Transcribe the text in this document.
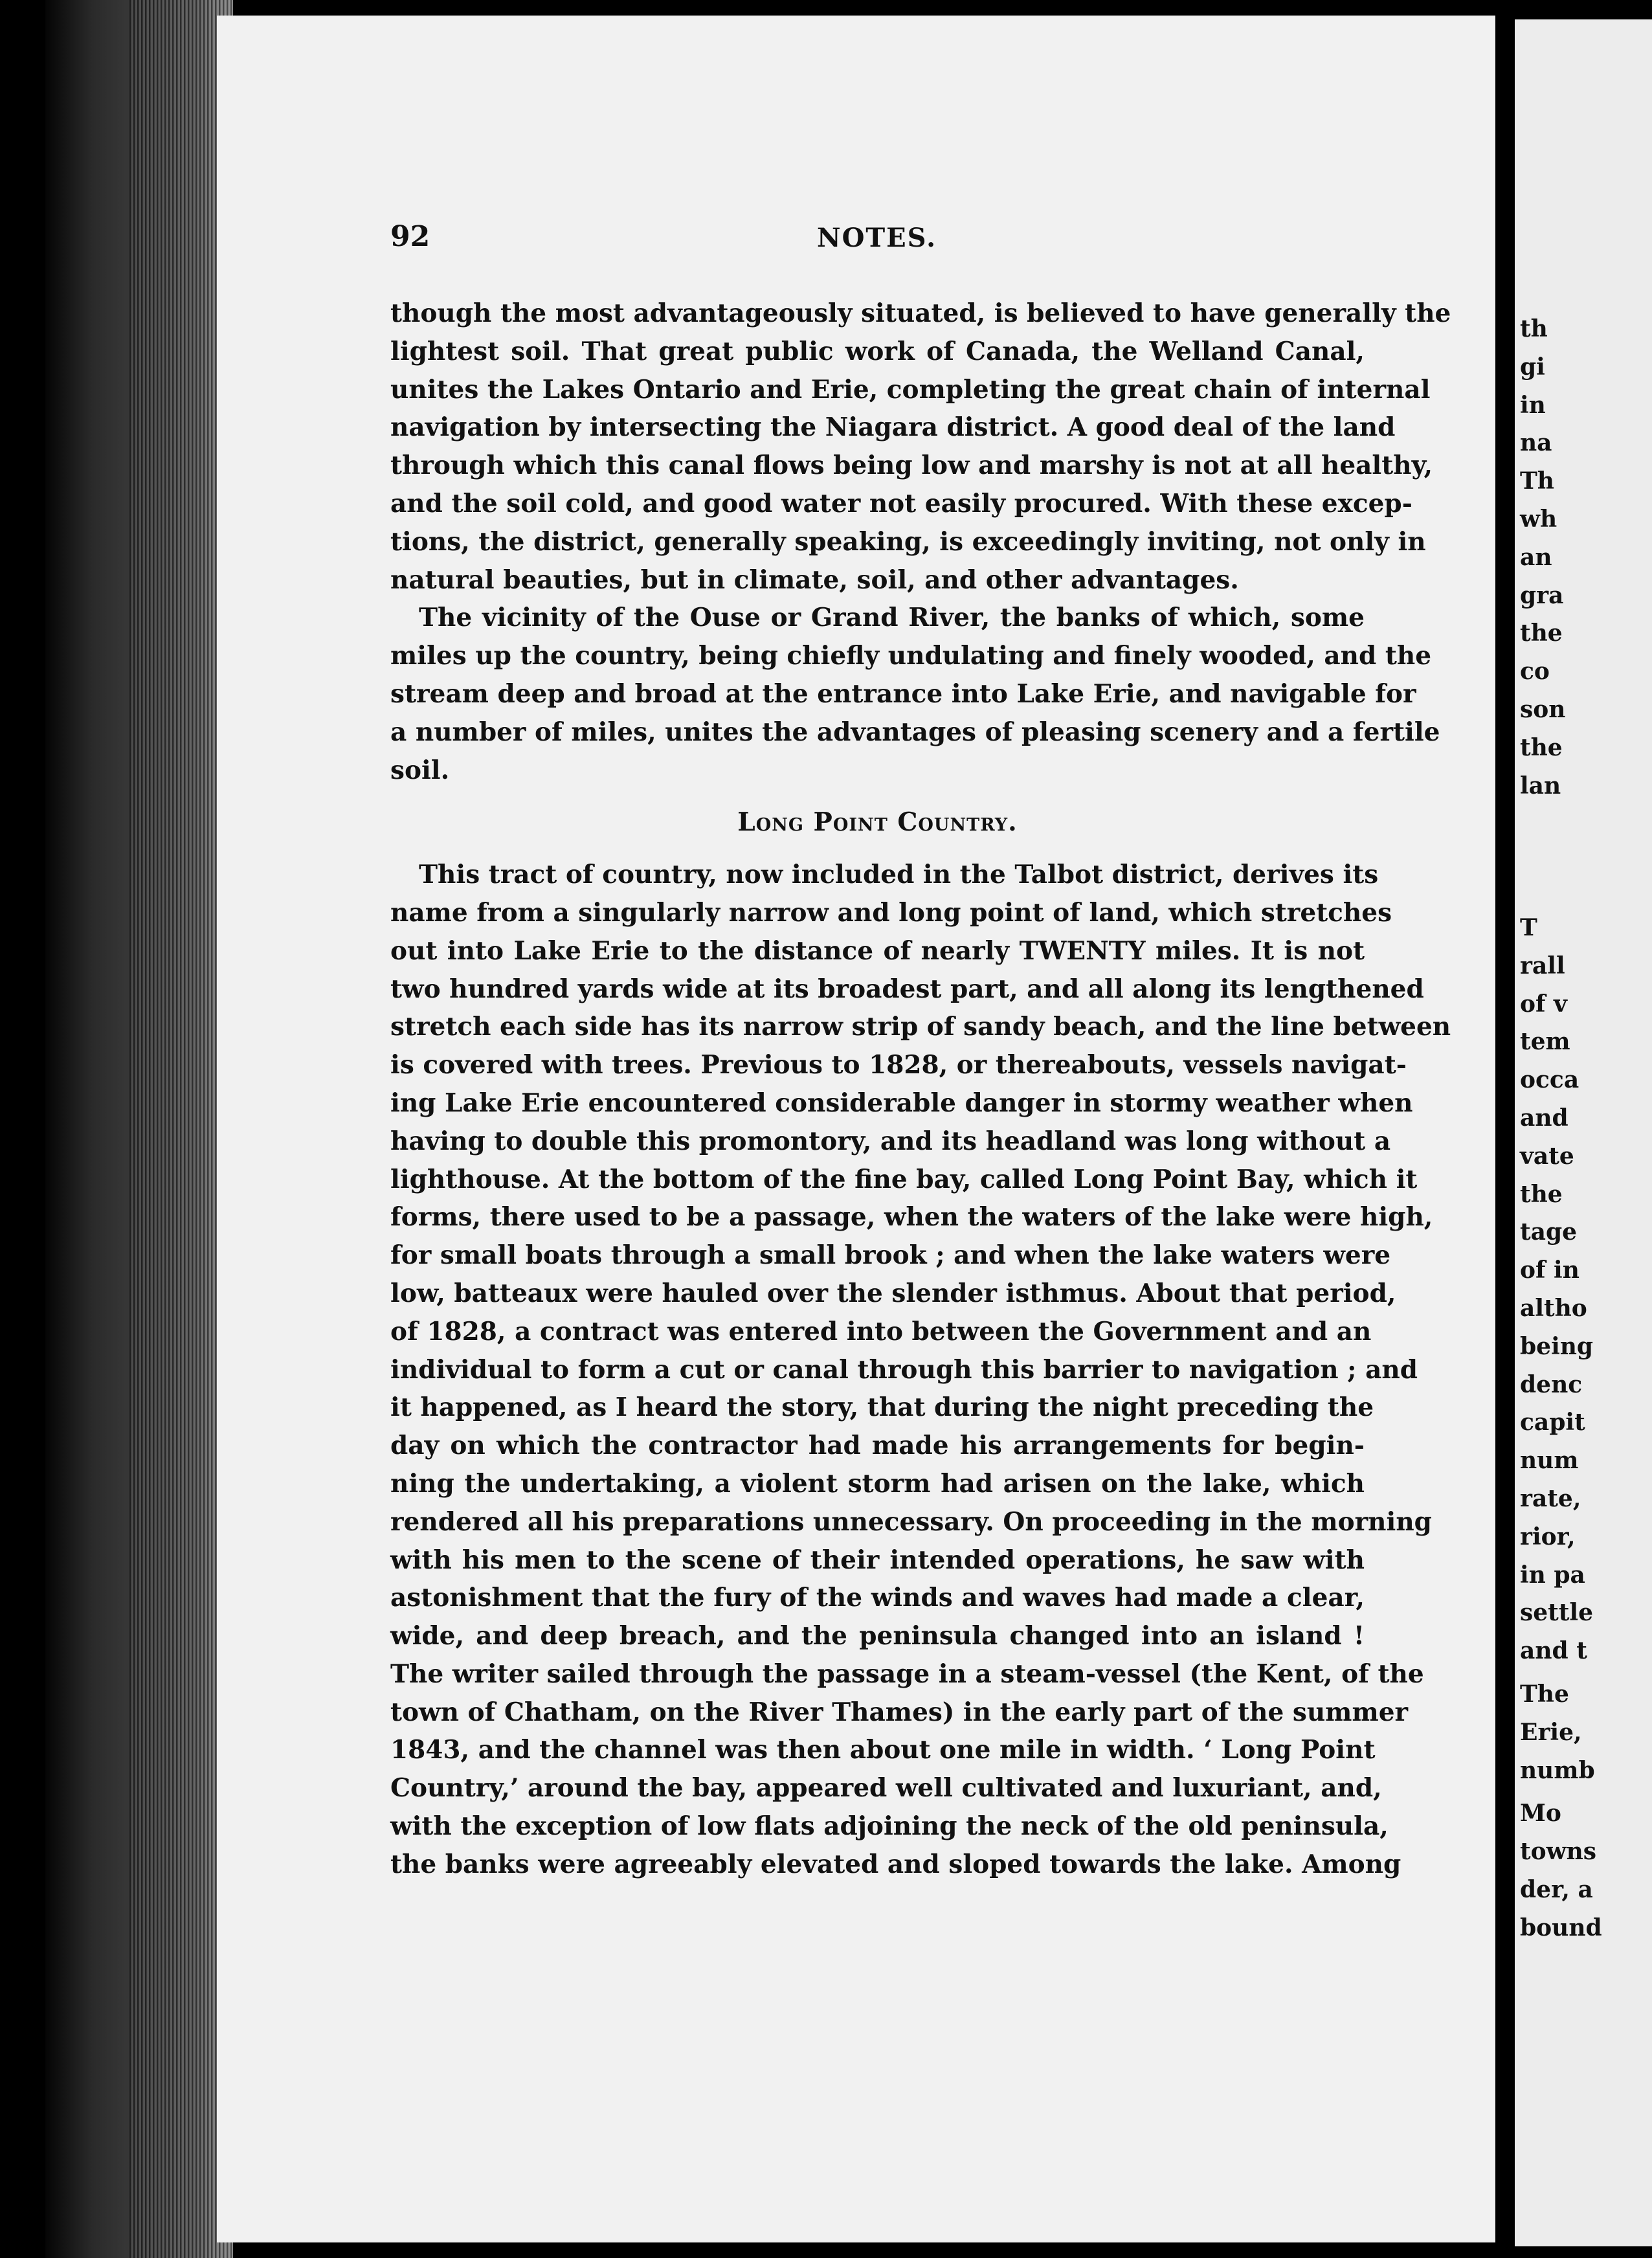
92	NOTES.
though the most advantageously situated, is believed to have generally the
lightest soil. That great public work of Canada, the Welland Canal,
unites the Lakes Ontario and Erie, completing the great chain of internal
navigation by intersecting the Niagara district. A good deal of the land
through which this canal flows being low and marshy is not at all healthy,
and the soil cold, and good water not easily procured. With these excep-
tions, the district, generally speaking, is exceedingly inviting, not only in
natural beauties, but in climate, soil, and other advantages.
The vicinity of the Ouse or Grand River, the banks of which, some
miles up the country, being chiefly undulating and finely wooded, and the
stream deep and broad at the entrance into Lake Erie, and navigable for
a number of miles, unites the advantages of pleasing scenery and a fertile
soil.
Long Point Country.
This tract of country, now included in the Talbot district, derives its
name from a singularly narrow and long point of land, which stretches
out into Lake Erie to the distance of nearly TWENTY miles. It is not
two hundred yards wide at its broadest part, and all along its lengthened
stretch each side has its narrow strip of sandy beach, and the line between
is covered with trees. Previous to 1828, or thereabouts, vessels navigat-
ing Lake Erie encountered considerable danger in stormy weather when
having to double this promontory, and its headland was long without a
lighthouse. At the bottom of the fine bay, called Long Point Bay, which it
forms, there used to be a passage, when the waters of the lake were high,
for small boats through a small brook ; and when the lake waters were
low, batteaux were hauled over the slender isthmus. About that period,
of 1828, a contract was entered into between the Government and an
individual to form a cut or canal through this barrier to navigation ; and
it happened, as I heard the story, that during the night preceding the
day on which the contractor had made his arrangements for begin-
ning the undertaking, a violent storm had arisen on the lake, which
rendered all his preparations unnecessary. On proceeding in the morning
with his men to the scene of their intended operations, he saw with
astonishment that the fury of the winds and waves had made a clear,
wide, and deep breach, and the peninsula changed into an island !
The writer sailed through the passage in a steam-vessel (the Kent, of the
town of Chatham, on the River Thames) in the early part of the summer
1843, and the channel was then about one mile in width. ‘ Long Point
Country,’ around the bay, appeared well cultivated and luxuriant, and,
with the exception of low flats adjoining the neck of the old peninsula,
the banks were agreeably elevated and sloped towards the lake. Among
th
gi
in
na
Th
wh
an
gra
the
co
son
the
lan
T
rall
of v
tem
occa
and
vate
the
tage
of in
altho
being
denc
capit
num
rate,
rior,
in pa
settle
and t
The
Erie,
numb
Mo
towns
der, a
bound
